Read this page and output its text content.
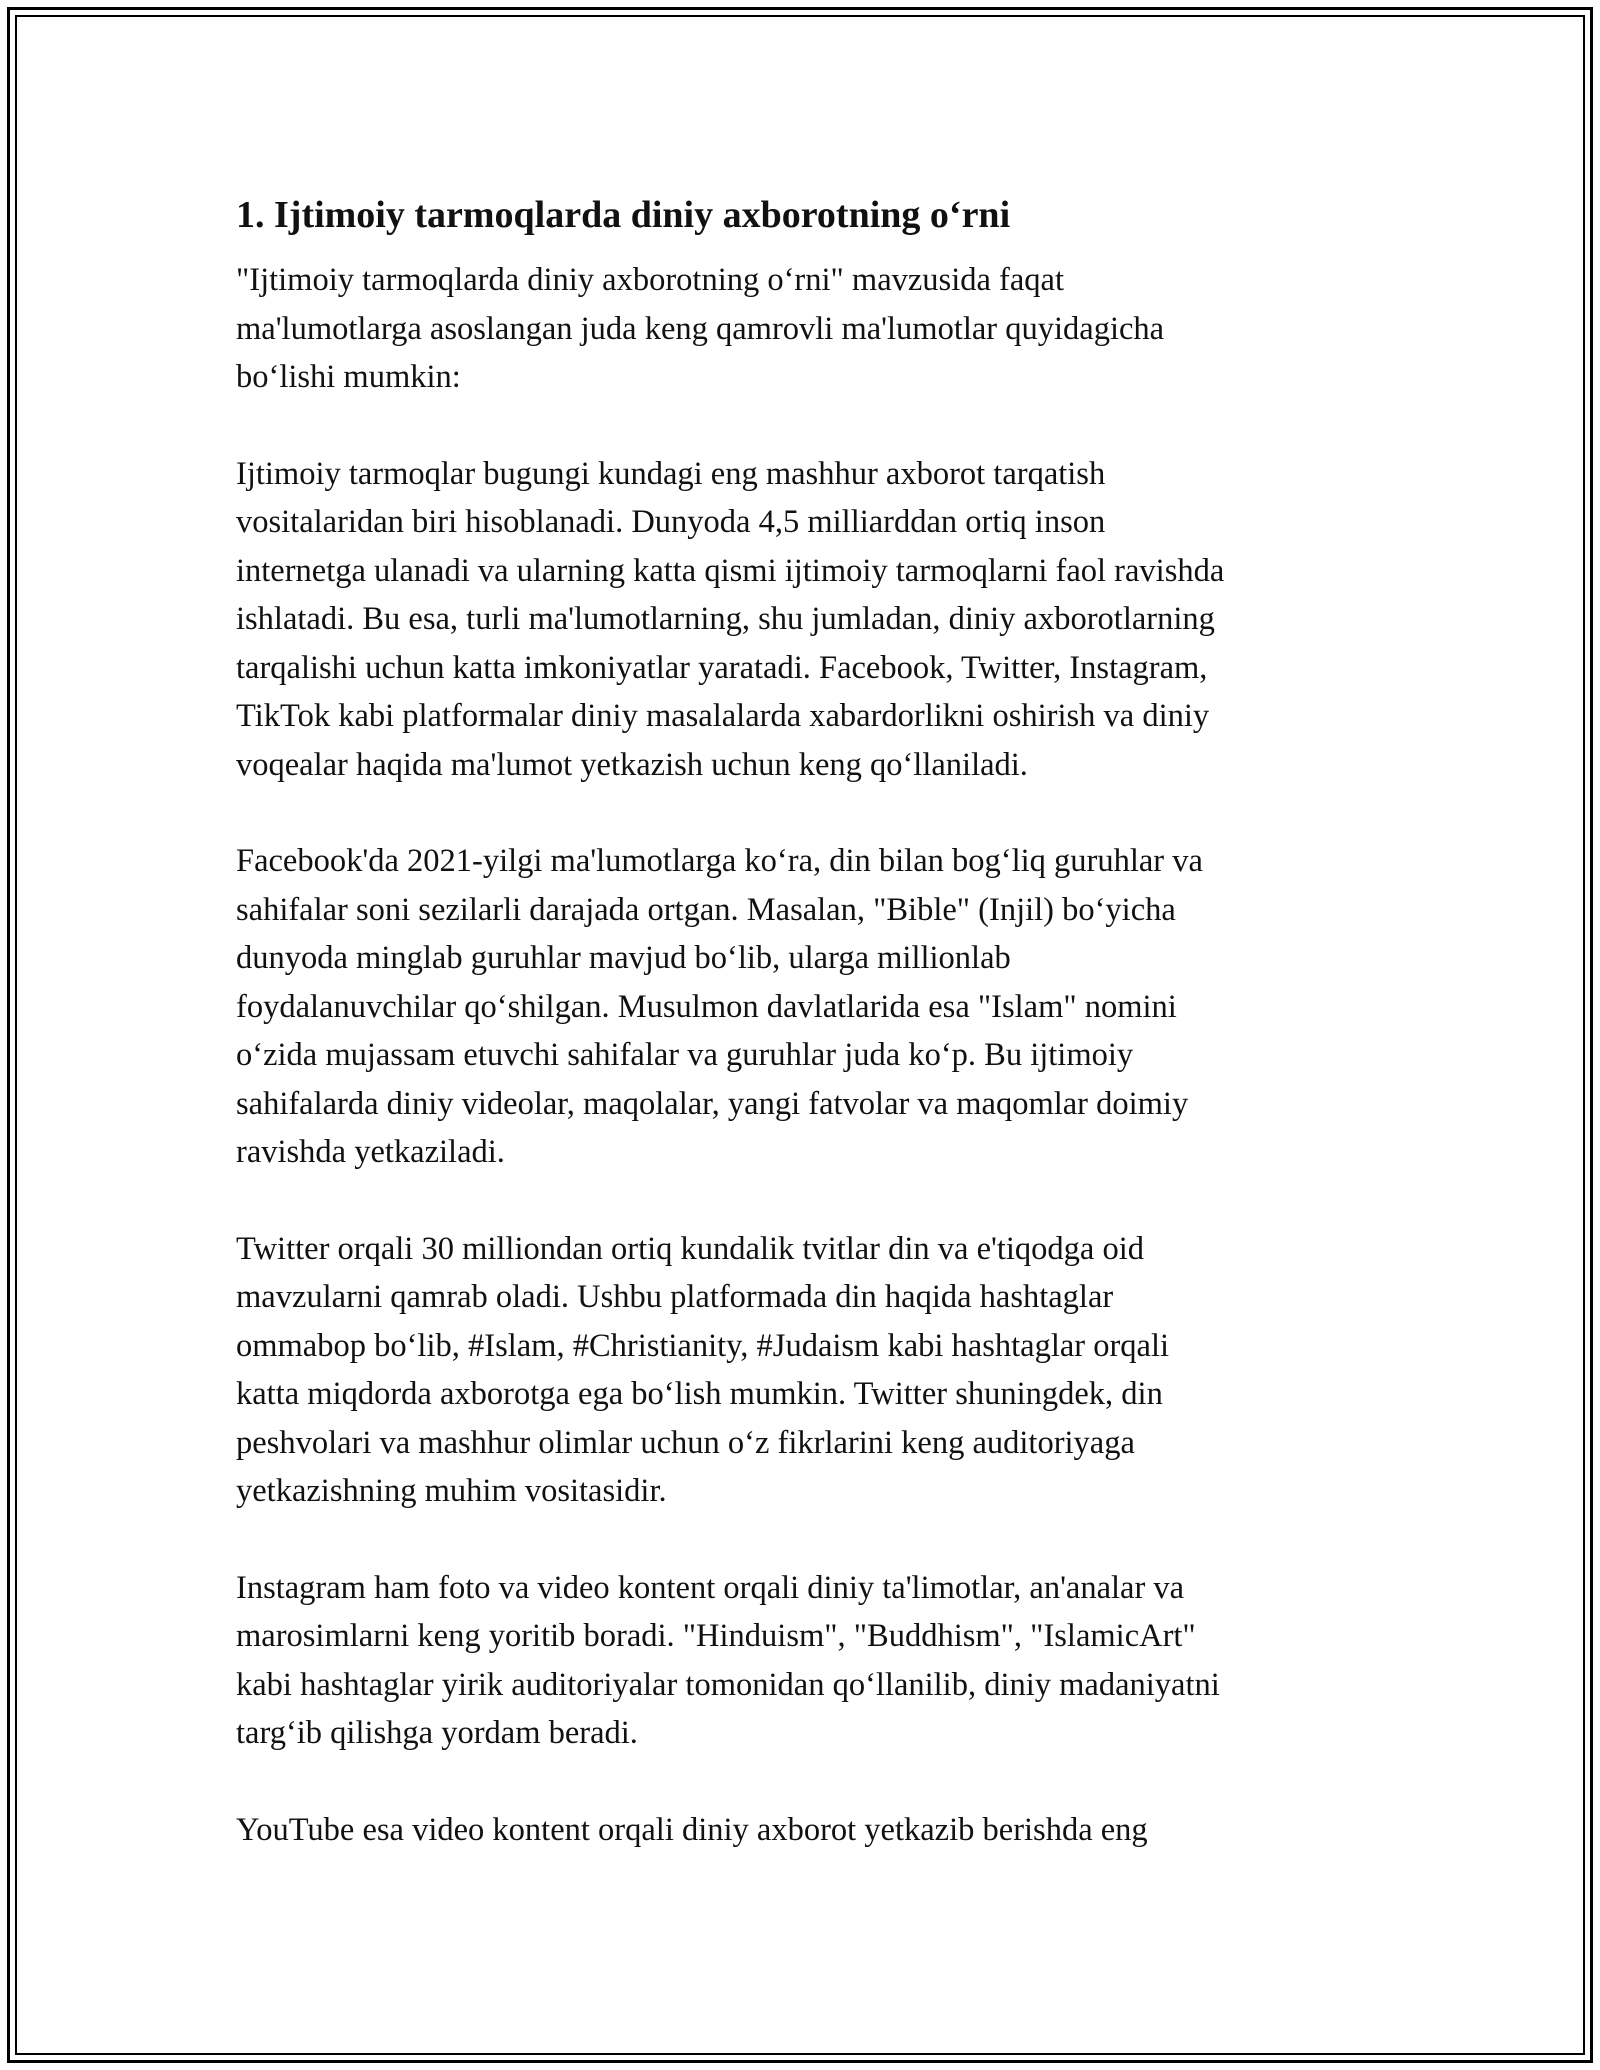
1. Ijtimoiy tarmoqlarda diniy axborotning o‘rni

"Ijtimoiy tarmoqlarda diniy axborotning o‘rni" mavzusida faqat
ma'lumotlarga asoslangan juda keng qamrovli ma'lumotlar quyidagicha
bo‘lishi mumkin:

Ijtimoiy tarmoqlar bugungi kundagi eng mashhur axborot tarqatish
vositalaridan biri hisoblanadi. Dunyoda 4,5 milliarddan ortiq inson
internetga ulanadi va ularning katta qismi ijtimoiy tarmoqlarni faol ravishda
ishlatadi. Bu esa, turli ma'lumotlarning, shu jumladan, diniy axborotlarning
tarqalishi uchun katta imkoniyatlar yaratadi. Facebook, Twitter, Instagram,
TikTok kabi platformalar diniy masalalarda xabardorlikni oshirish va diniy
voqealar haqida ma'lumot yetkazish uchun keng qo‘llaniladi.

Facebook'da 2021-yilgi ma'lumotlarga ko‘ra, din bilan bog‘liq guruhlar va
sahifalar soni sezilarli darajada ortgan. Masalan, "Bible" (Injil) bo‘yicha
dunyoda minglab guruhlar mavjud bo‘lib, ularga millionlab
foydalanuvchilar qo‘shilgan. Musulmon davlatlarida esa "Islam" nomini
o‘zida mujassam etuvchi sahifalar va guruhlar juda ko‘p. Bu ijtimoiy
sahifalarda diniy videolar, maqolalar, yangi fatvolar va maqomlar doimiy
ravishda yetkaziladi.

Twitter orqali 30 milliondan ortiq kundalik tvitlar din va e'tiqodga oid
mavzularni qamrab oladi. Ushbu platformada din haqida hashtaglar
ommabop bo‘lib, #Islam, #Christianity, #Judaism kabi hashtaglar orqali
katta miqdorda axborotga ega bo‘lish mumkin. Twitter shuningdek, din
peshvolari va mashhur olimlar uchun o‘z fikrlarini keng auditoriyaga
yetkazishning muhim vositasidir.

Instagram ham foto va video kontent orqali diniy ta'limotlar, an'analar va
marosimlarni keng yoritib boradi. "Hinduism", "Buddhism", "IslamicArt"
kabi hashtaglar yirik auditoriyalar tomonidan qo‘llanilib, diniy madaniyatni
targ‘ib qilishga yordam beradi.

YouTube esa video kontent orqali diniy axborot yetkazib berishda eng
